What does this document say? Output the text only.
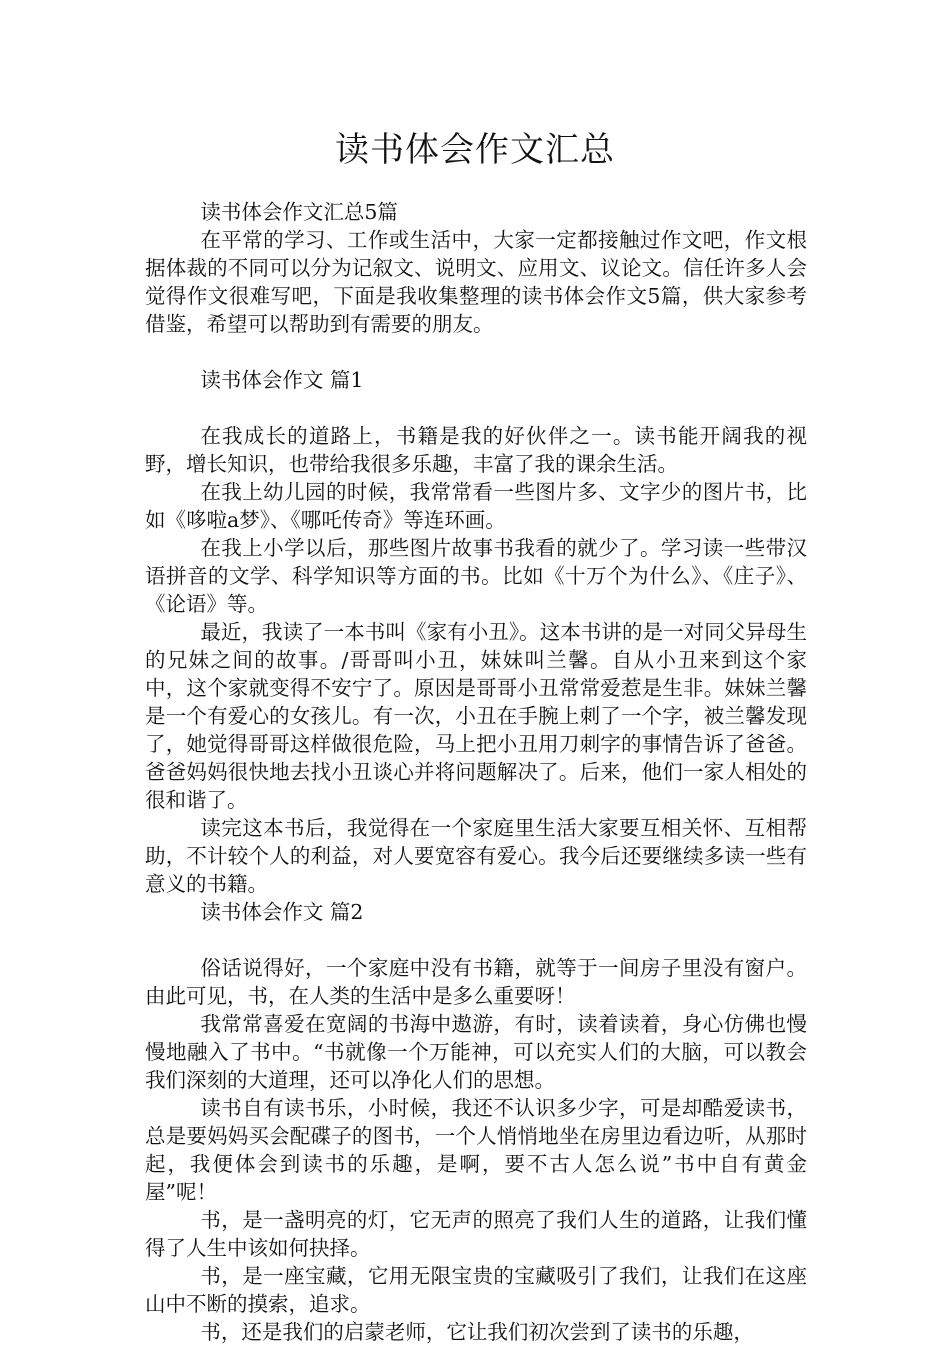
读书体会作文汇总

读书体会作文汇总5篇

在平常的学习、工作或生活中，大家一定都接触过作文吧，作文根据体裁的不同可以分为记叙文、说明文、应用文、议论文。信任许多人会觉得作文很难写吧，下面是我收集整理的读书体会作文5篇，供大家参考借鉴，希望可以帮助到有需要的朋友。

读书体会作文 篇1

在我成长的道路上，书籍是我的好伙伴之一。读书能开阔我的视野，增长知识，也带给我很多乐趣，丰富了我的课余生活。

在我上幼儿园的时候，我常常看一些图片多、文字少的图片书，比如《哆啦a梦》、《哪吒传奇》等连环画。

在我上小学以后，那些图片故事书我看的就少了。学习读一些带汉语拼音的文学、科学知识等方面的书。比如《十万个为什么》、《庄子》、《论语》等。

最近，我读了一本书叫《家有小丑》。这本书讲的是一对同父异母生的兄妹之间的故事。/哥哥叫小丑，妹妹叫兰馨。自从小丑来到这个家中，这个家就变得不安宁了。原因是哥哥小丑常常爱惹是生非。妹妹兰馨是一个有爱心的女孩儿。有一次，小丑在手腕上刺了一个字，被兰馨发现了，她觉得哥哥这样做很危险，马上把小丑用刀刺字的事情告诉了爸爸。爸爸妈妈很快地去找小丑谈心并将问题解决了。后来，他们一家人相处的很和谐了。

读完这本书后，我觉得在一个家庭里生活大家要互相关怀、互相帮助，不计较个人的利益，对人要宽容有爱心。我今后还要继续多读一些有意义的书籍。

读书体会作文 篇2

俗话说得好，一个家庭中没有书籍，就等于一间房子里没有窗户。由此可见，书，在人类的生活中是多么重要呀！

我常常喜爱在宽阔的书海中遨游，有时，读着读着，身心仿佛也慢慢地融入了书中。“书就像一个万能神，可以充实人们的大脑，可以教会我们深刻的大道理，还可以净化人们的思想。

读书自有读书乐，小时候，我还不认识多少字，可是却酷爱读书，总是要妈妈买会配碟子的图书，一个人悄悄地坐在房里边看边听，从那时起，我便体会到读书的乐趣，是啊，要不古人怎么说”书中自有黄金屋”呢！

书，是一盏明亮的灯，它无声的照亮了我们人生的道路，让我们懂得了人生中该如何抉择。

书，是一座宝藏，它用无限宝贵的宝藏吸引了我们，让我们在这座山中不断的摸索，追求。

书，还是我们的启蒙老师，它让我们初次尝到了读书的乐趣，
